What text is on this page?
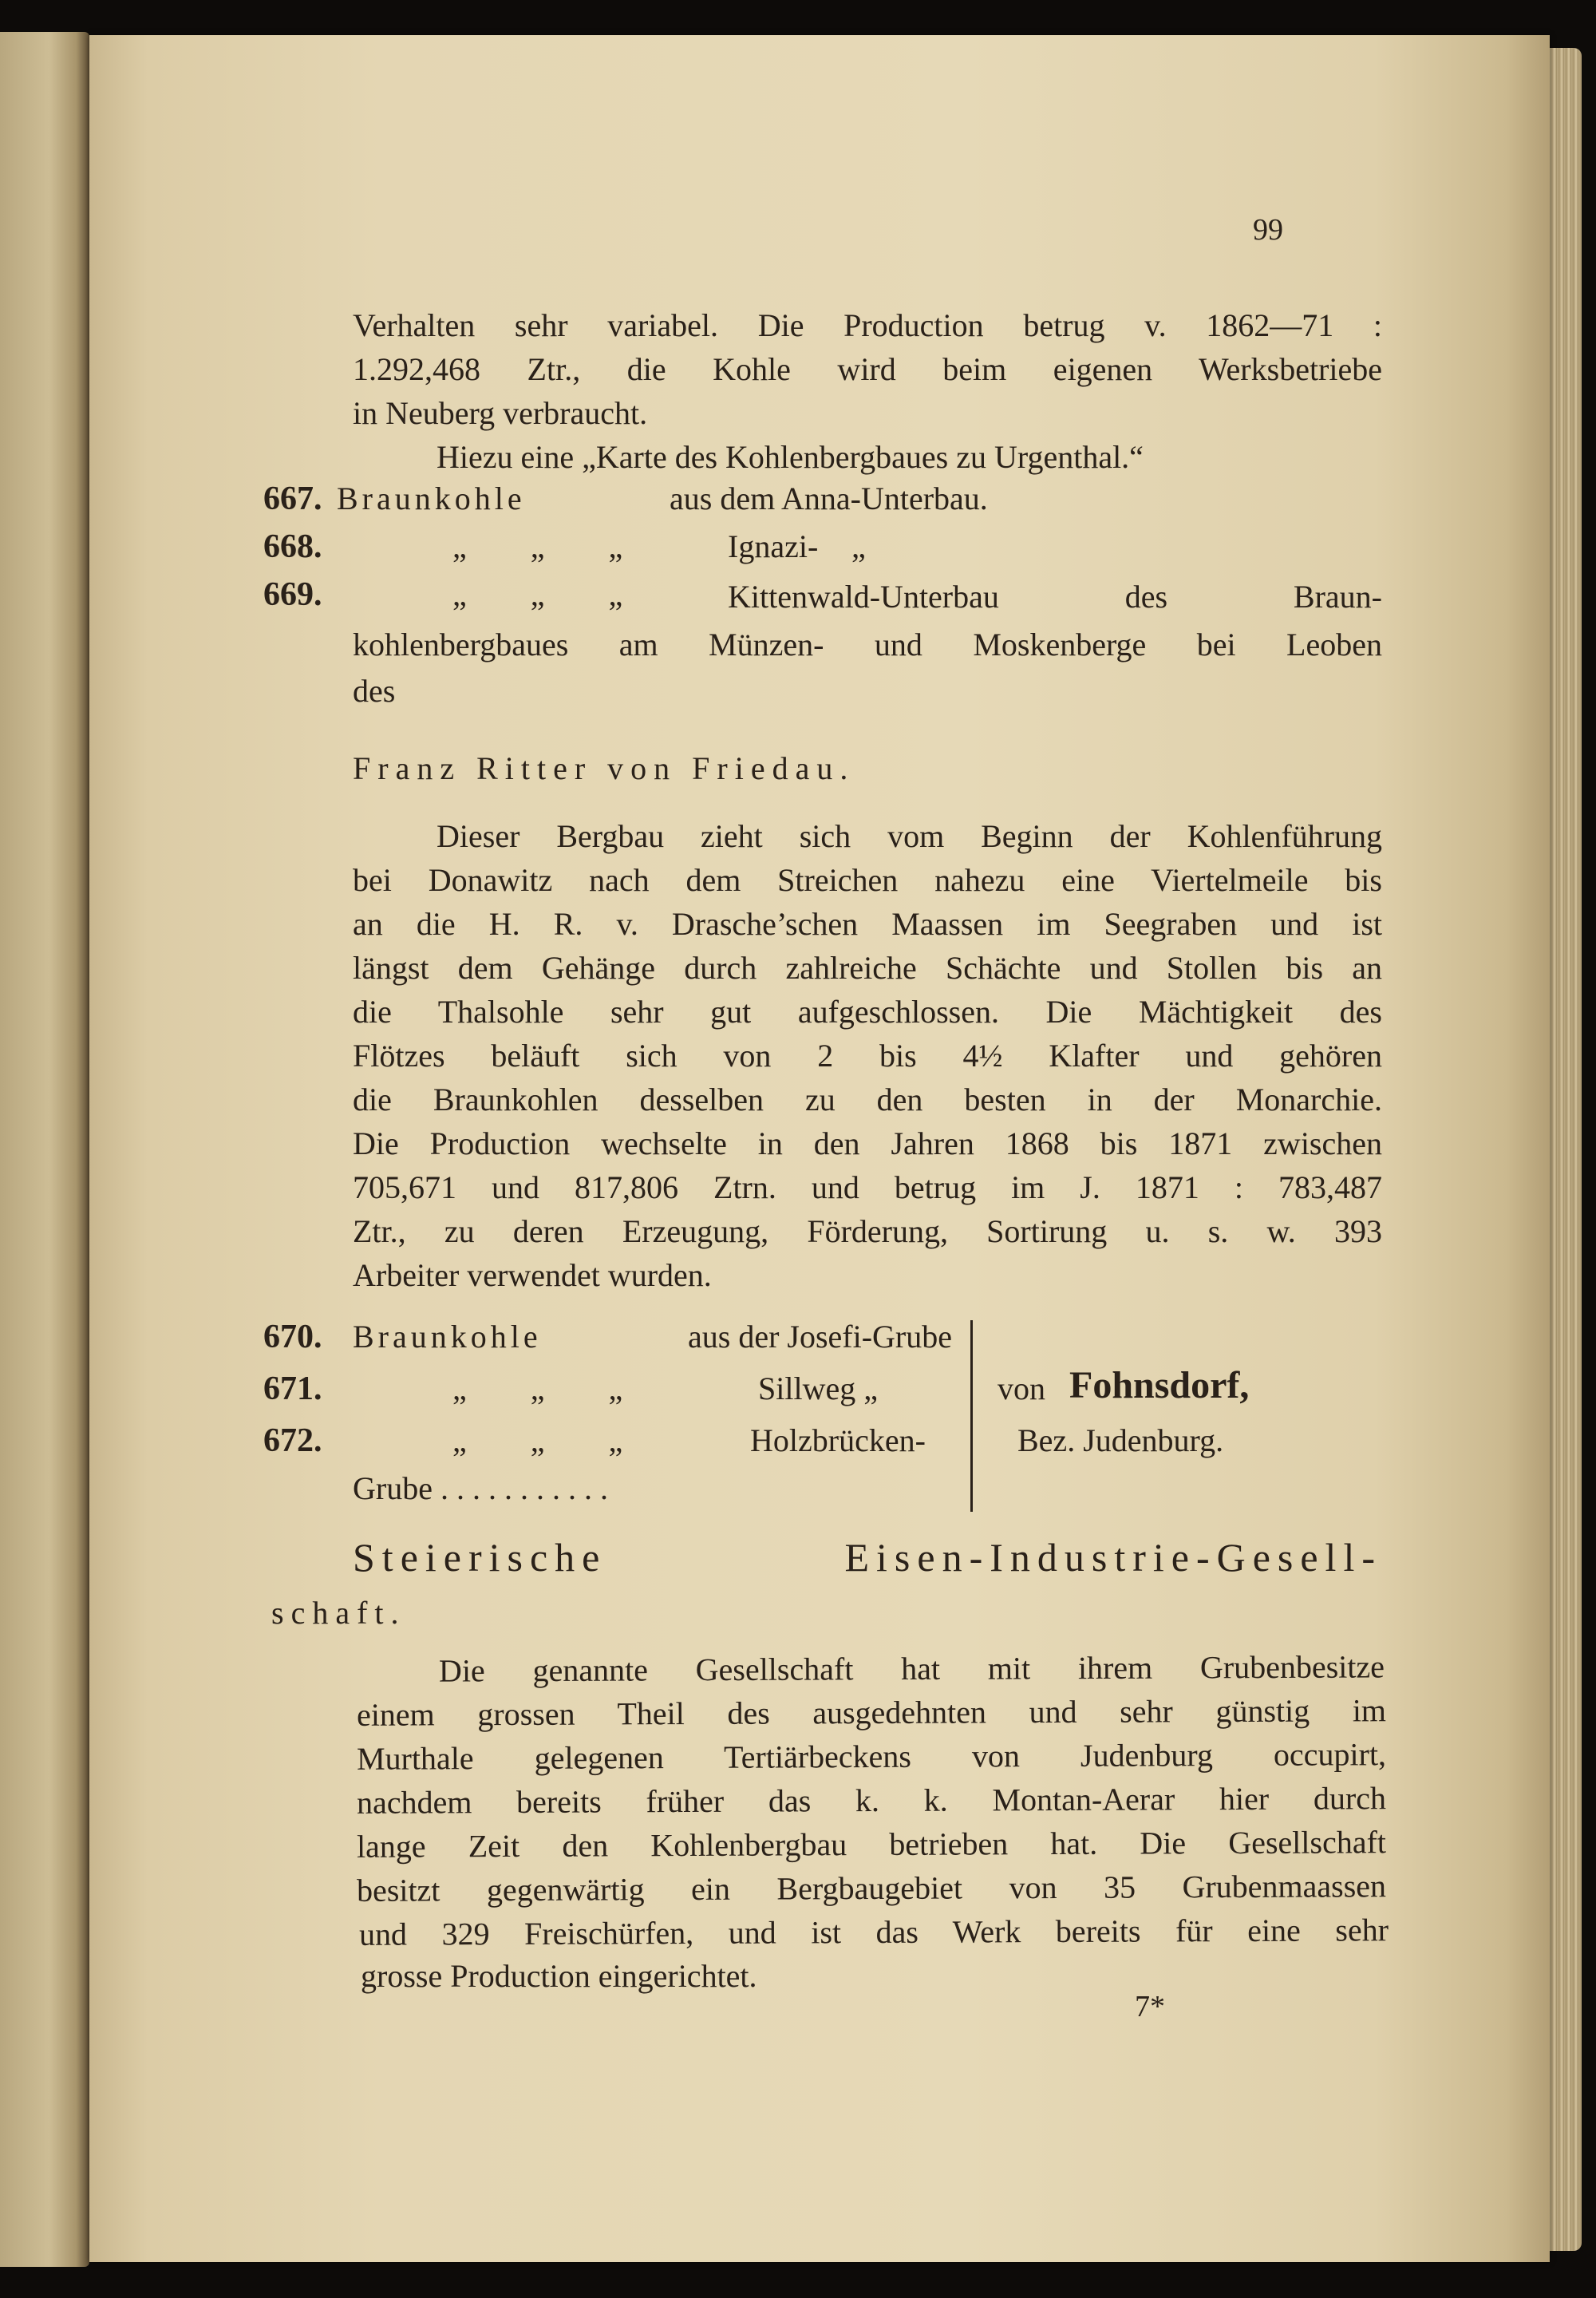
99
Verhalten sehr variabel. Die Production betrug v. 1862—71 :
1.292,468 Ztr., die Kohle wird beim eigenen Werksbetriebe
in Neuberg verbraucht.
Hiezu eine „Karte des Kohlenbergbaues zu Urgenthal.“
667. Braunkohle	aus dem Anna-Unterbau.
668.	„ „ „	Ignazi- „
669.	„ „ „	Kittenwald-Unterbau des Braun-
kohlenbergbaues am Münzen- und Moskenberge bei Leoben
des
Franz Ritter von Friedau.
Dieser Bergbau zieht sich vom Beginn der Kohlenführung
bei Donawitz nach dem Streichen nahezu eine Viertelmeile bis
an die H. R. v. Drasche’schen Maassen im Seegraben und ist
längst dem Gehänge durch zahlreiche Schächte und Stollen bis an
die Thalsohle sehr gut aufgeschlossen. Die Mächtigkeit des
Flötzes beläuft sich von 2 bis 4½ Klafter und gehören
die Braunkohlen desselben zu den besten in der Monarchie.
Die Production wechselte in den Jahren 1868 bis 1871 zwischen
705,671 und 817,806 Ztrn. und betrug im J. 1871 : 783,487
Ztr., zu deren Erzeugung, Förderung, Sortirung u. s. w. 393
Arbeiter verwendet wurden.
670. Braunkohle	aus der Josefi-Grube
671.	„ „ „	Sillweg „
672.	„ „ „	Holzbrücken-
Grube . . . . . . . . . . .
von Fohnsdorf,
Bez. Judenburg.
Steierische Eisen-Industrie-Gesell-
schaft.
Die genannte Gesellschaft hat mit ihrem Grubenbesitze
einem grossen Theil des ausgedehnten und sehr günstig im
Murthale gelegenen Tertiärbeckens von Judenburg occupirt,
nachdem bereits früher das k. k. Montan-Aerar hier durch
lange Zeit den Kohlenbergbau betrieben hat. Die Gesellschaft
besitzt gegenwärtig ein Bergbaugebiet von 35 Grubenmaassen
und 329 Freischürfen, und ist das Werk bereits für eine sehr
grosse Production eingerichtet.
7*
